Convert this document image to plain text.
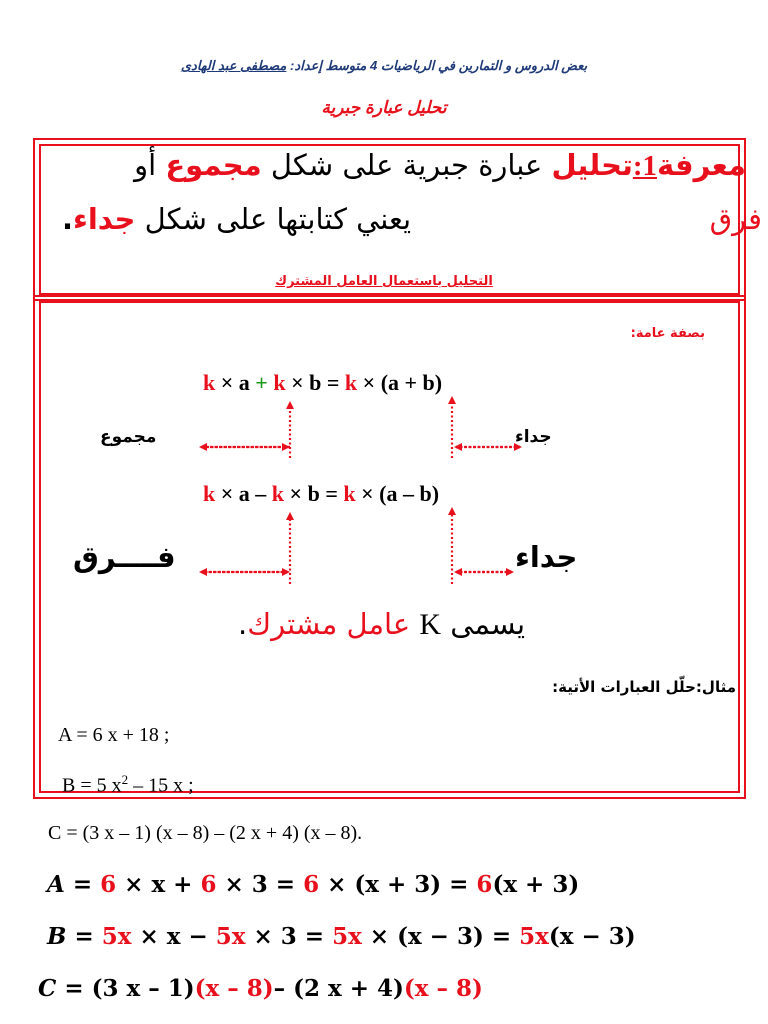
بعض الدروس و التمارين في الرياضيات 4 متوسط إعداد: مصطفى عبد الهادى
تحليل عبارة جبرية
معرفة1:تحليل عبارة جبرية على شكل مجموع أو
فرق
يعني كتابتها على شكل جداء.
التحليل باستعمال العامل المشترك
بصفة عامة:
k × a + k × b = k × (a + b)
مجموع	جداء
k × a – k × b = k × (a – b)
فــــرق	جداء
يسمى K عامل مشترك.
مثال:حلّل العبارات الأتية:
A = 6 x + 18 ;
B = 5 $x^2 - 15$ x ;
C = (3 x – 1) (x – 8) – (2 x + 4) (x – 8).
A = 6 × x + 6 × 3 = 6 × (x + 3) = 6(x + 3)
B = 5x × x − 5x × 3 = 5x × (x − 3) = 5x(x − 3)
C = (3 x – 1)(x – 8)– (2 x + 4)(x – 8)
